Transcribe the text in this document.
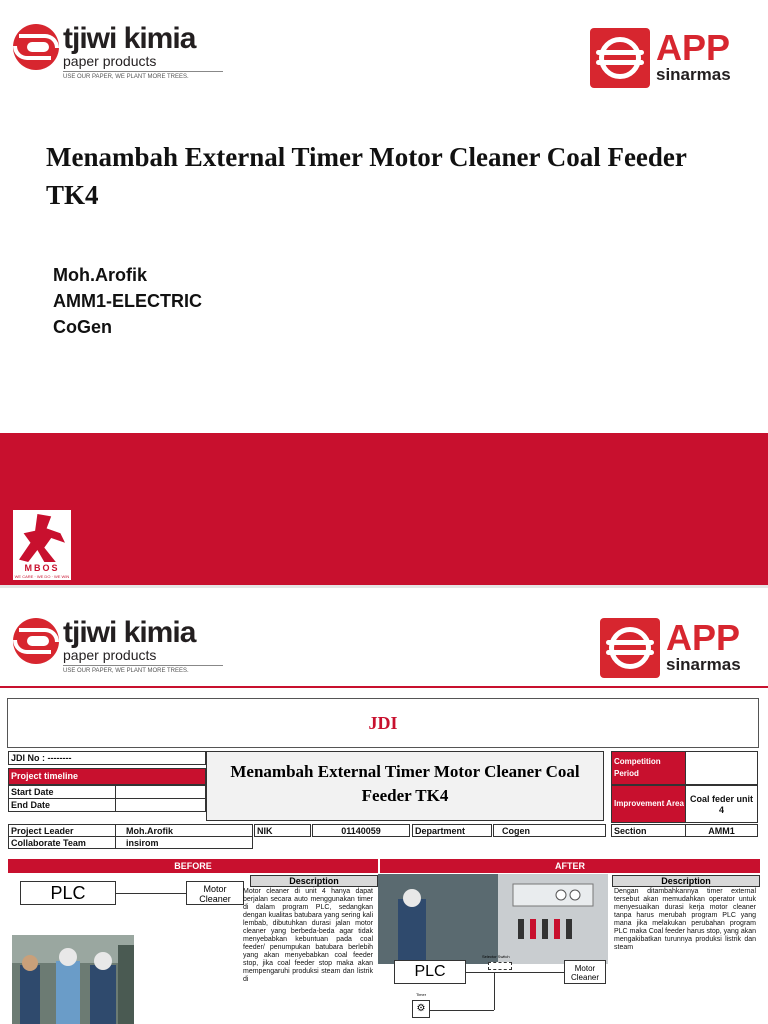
tjiwi kimia
paper products
USE OUR PAPER, WE PLANT MORE TREES.
APP
sinarmas
Menambah External Timer Motor Cleaner Coal Feeder TK4
Moh.Arofik
AMM1-ELECTRIC
CoGen
MBOS
WE CARE · WE DO · WE WIN
tjiwi kimia
paper products
USE OUR PAPER, WE PLANT MORE TREES.
APP
sinarmas
JDI
JDI No : --------
Project timeline
Start Date
End Date
Project Leader	Moh.Arofik
Collaborate Team	insirom
NIK	01140059	Department	Cogen
Menambah External Timer Motor Cleaner Coal Feeder TK4
Competition Period
Improvement Area Coal feder unit 4
Section	AMM1
BEFORE
PLC	Motor Cleaner
Description
Motor cleaner di unit 4 hanya dapat berjalan secara auto menggunakan timer di dalam program PLC, sedangkan dengan kualitas batubara yang sering kali lembab, dibutuhkan durasi jalan motor cleaner yang berbeda-beda agar tidak menyebabkan kebuntuan pada coal feeder/ penumpukan batubara berlebih yang akan menyebabkan coal feeder stop, jika coal feeder stop maka akan mempengaruhi produksi steam dan listrik di
AFTER
PLC
Selector Switch
Motor Cleaner
⚙
Timer
Description
Dengan ditambahkannya timer external tersebut akan memudahkan operator untuk menyesuaikan durasi kerja motor cleaner tanpa harus merubah program PLC yang mana jika melakukan perubahan program PLC maka Coal feeder harus stop, yang akan mengakibatkan turunnya produksi listrik dan steam
